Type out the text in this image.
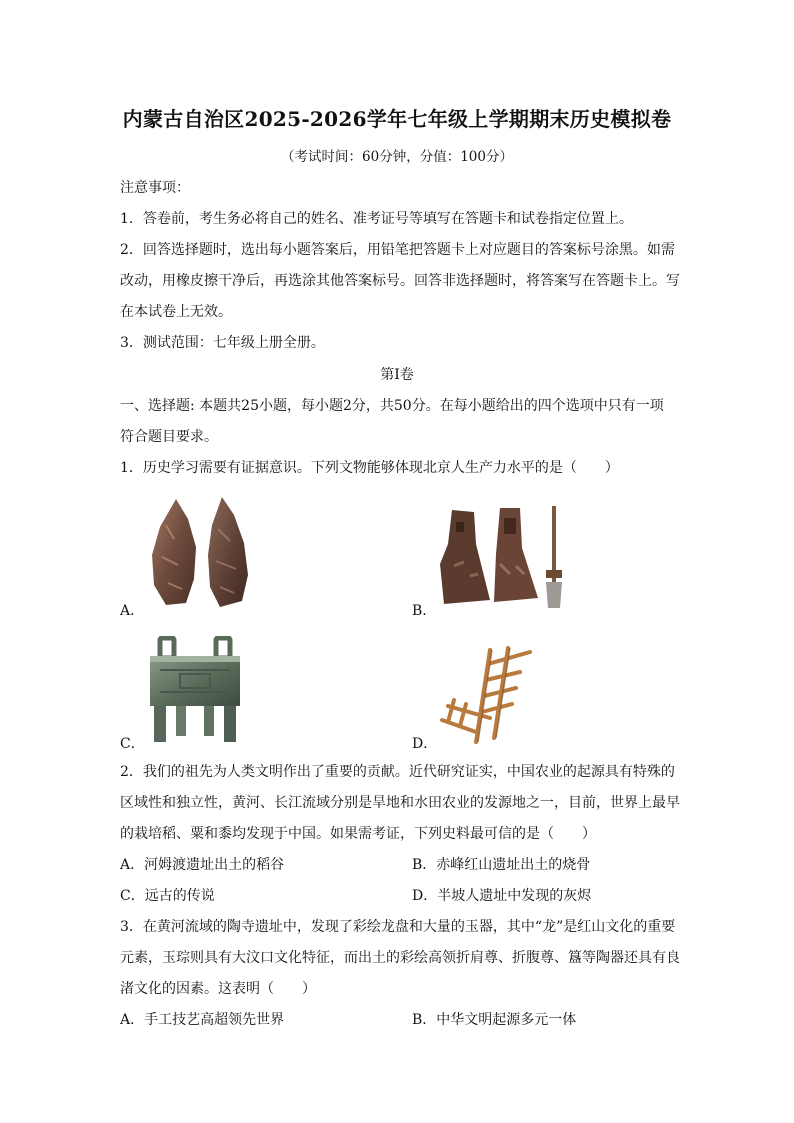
内蒙古自治区2025-2026学年七年级上学期期末历史模拟卷
（考试时间：60分钟，分值：100分）
注意事项：
1．答卷前，考生务必将自己的姓名、准考证号等填写在答题卡和试卷指定位置上。
2．回答选择题时，选出每小题答案后，用铅笔把答题卡上对应题目的答案标号涂黑。如需
改动，用橡皮擦干净后，再选涂其他答案标号。回答非选择题时，将答案写在答题卡上。写
在本试卷上无效。
3．测试范围：七年级上册全册。
第I卷
一、选择题: 本题共25小题，每小题2分，共50分。在每小题给出的四个选项中只有一项
符合题目要求。
1．历史学习需要有证据意识。下列文物能够体现北京人生产力水平的是（　　）
A．	B．
C．	D．
2．我们的祖先为人类文明作出了重要的贡献。近代研究证实，中国农业的起源具有特殊的
区域性和独立性，黄河、长江流域分别是旱地和水田农业的发源地之一，目前，世界上最早
的栽培稻、粟和黍均发现于中国。如果需考证，下列史料最可信的是（　　）
A．河姆渡遗址出土的稻谷	B．赤峰红山遗址出土的烧骨
C．远古的传说	D．半坡人遗址中发现的灰烬
3．在黄河流域的陶寺遗址中，发现了彩绘龙盘和大量的玉器，其中“龙”是红山文化的重要
元素，玉琮则具有大汶口文化特征，而出土的彩绘高领折肩尊、折腹尊、簋等陶器还具有良
渚文化的因素。这表明（　　）
A．手工技艺高超领先世界	B．中华文明起源多元一体
